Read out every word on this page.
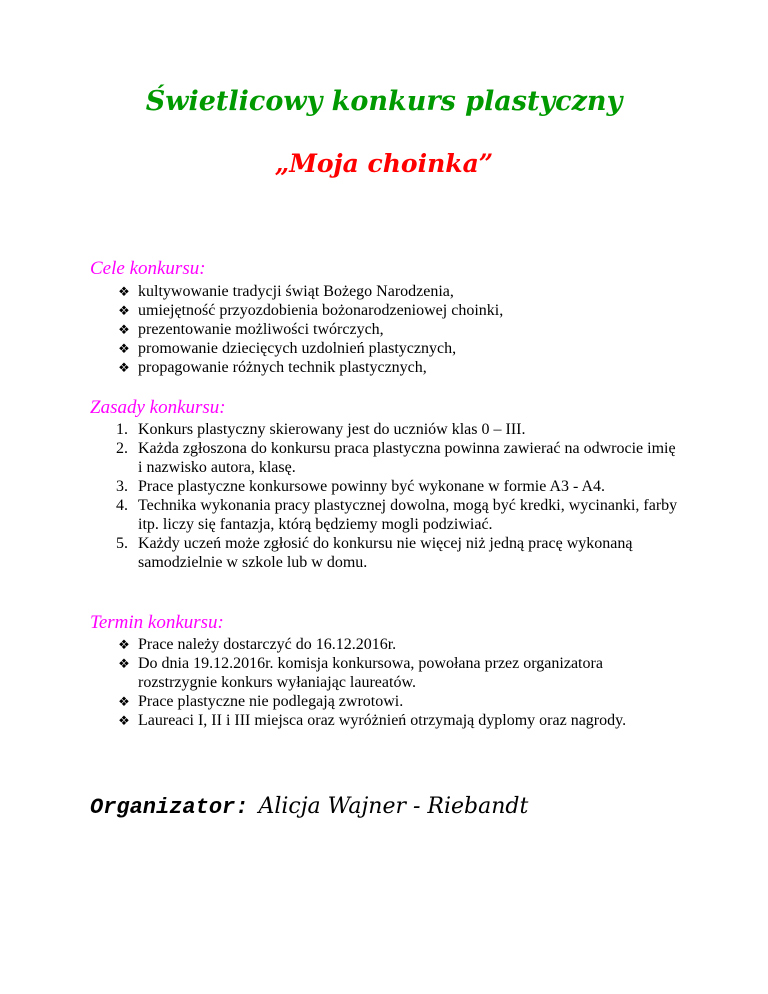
Świetlicowy konkurs plastyczny
„Moja choinka”

Cele konkursu:

❖ kultywowanie tradycji świąt Bożego Narodzenia,
❖ umiejętność przyozdobienia bożonarodzeniowej choinki,
❖ prezentowanie możliwości twórczych,
❖ promowanie dziecięcych uzdolnień plastycznych,
❖ propagowanie różnych technik plastycznych,

Zasady konkursu:

1. Konkurs plastyczny skierowany jest do uczniów klas 0 – III.
2. Każda zgłoszona do konkursu praca plastyczna powinna zawierać na odwrocie imię i nazwisko autora, klasę.
3. Prace plastyczne konkursowe powinny być wykonane w formie A3 - A4.
4. Technika wykonania pracy plastycznej dowolna, mogą być kredki, wycinanki, farby itp. liczy się fantazja, którą będziemy mogli podziwiać.
5. Każdy uczeń może zgłosić do konkursu nie więcej niż jedną pracę wykonaną samodzielnie w szkole lub w domu.

Termin konkursu:

❖ Prace należy dostarczyć do 16.12.2016r.
❖ Do dnia 19.12.2016r. komisja konkursowa, powołana przez organizatora rozstrzygnie konkurs wyłaniając laureatów.
❖ Prace plastyczne nie podlegają zwrotowi.
❖ Laureaci I, II i III miejsca oraz wyróżnień otrzymają dyplomy oraz nagrody.

Organizator: Alicja Wajner - Riebandt
